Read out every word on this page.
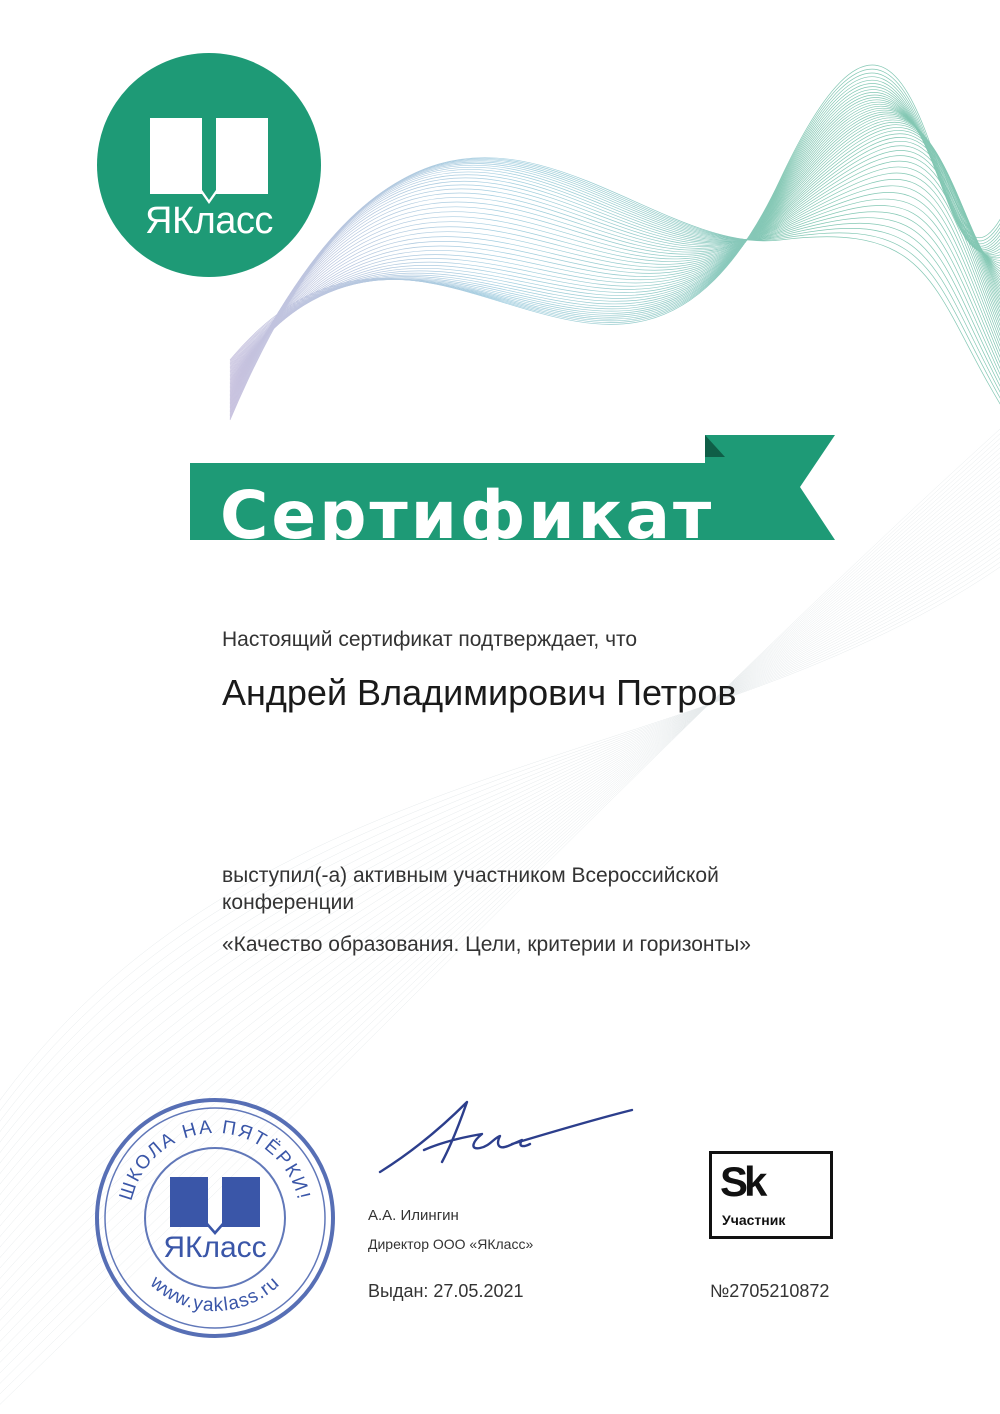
ЯКласс
Сертификат
Настоящий сертификат подтверждает, что
Андрей Владимирович Петров
выступил(-а) активным участником Всероссийской конференции
«Качество образования. Цели, критерии и горизонты»
ШКОЛА НА ПЯТЁРКИ!
www.yaklass.ru
ЯКласс
А.А. Илингин
Директор ООО «ЯКласс»
Выдан: 27.05.2021	№2705210872
Sk
Участник
